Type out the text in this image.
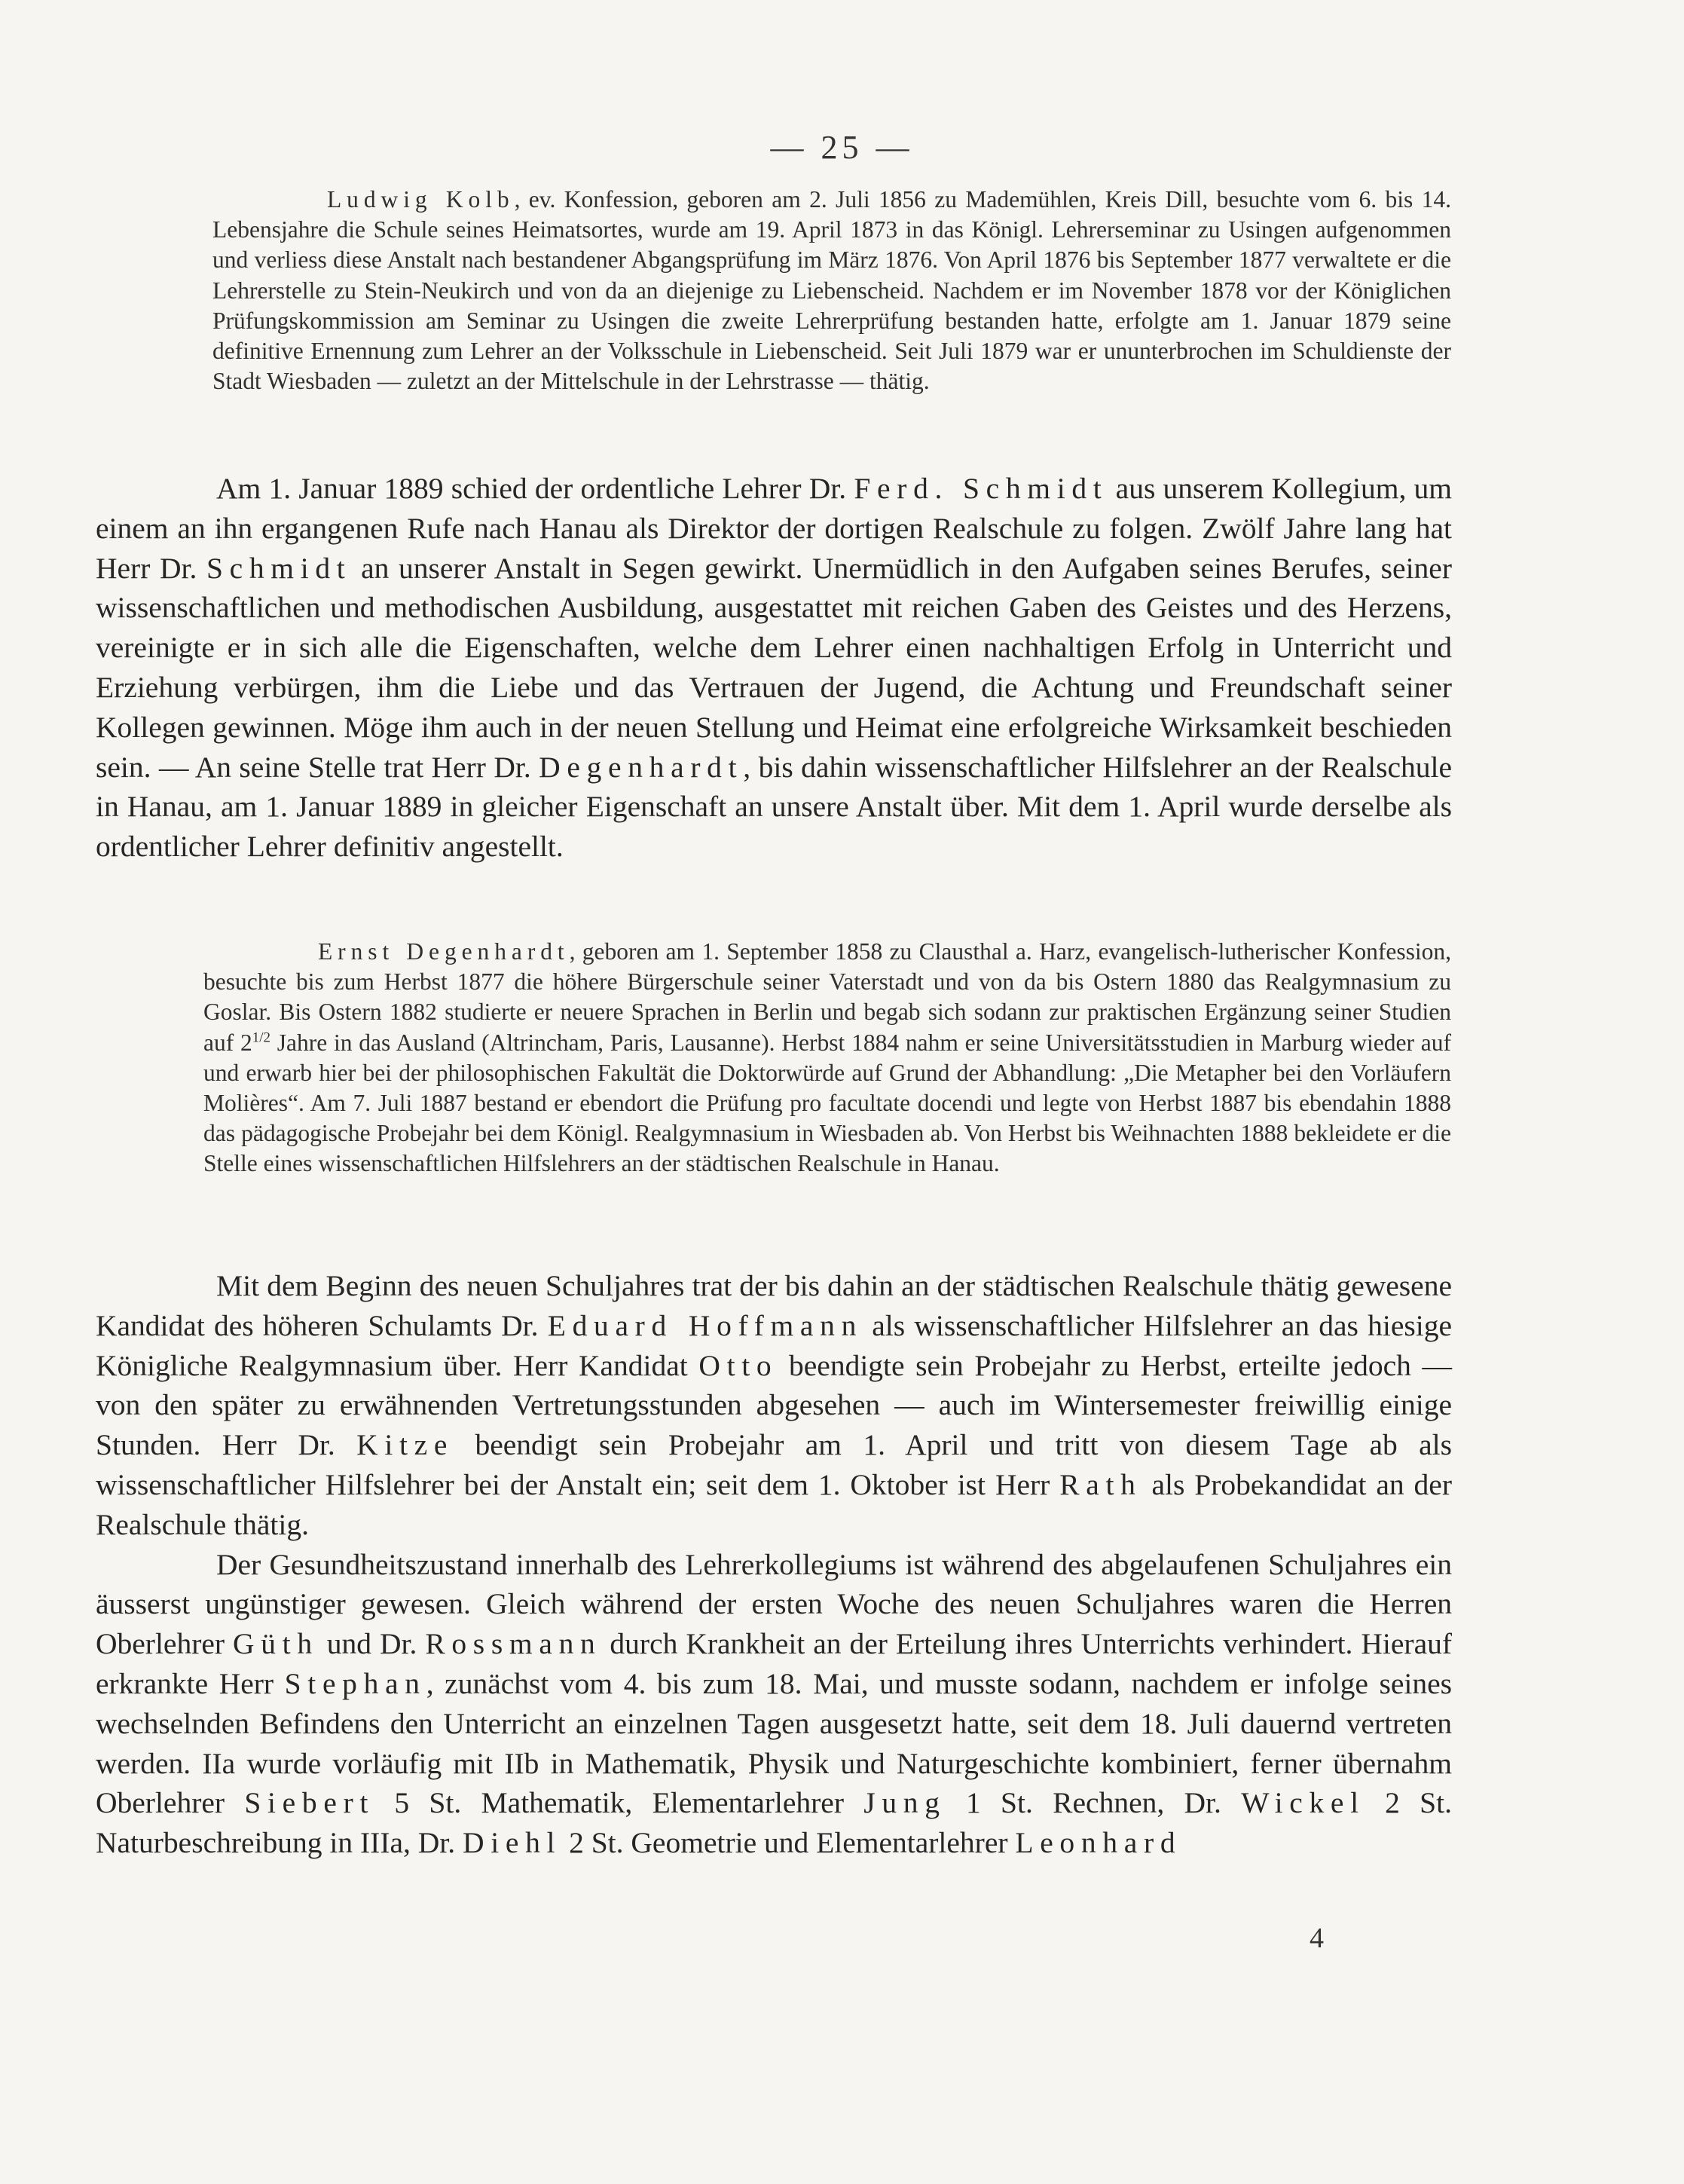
— 25 —

Ludwig Kolb, ev. Konfession, geboren am 2. Juli 1856 zu Mademühlen, Kreis Dill, besuchte vom 6. bis 14. Lebensjahre die Schule seines Heimatsortes, wurde am 19. April 1873 in das Königl. Lehrerseminar zu Usingen aufgenommen und verliess diese Anstalt nach bestandener Abgangsprüfung im März 1876. Von April 1876 bis September 1877 verwaltete er die Lehrerstelle zu Stein-Neukirch und von da an diejenige zu Liebenscheid. Nachdem er im November 1878 vor der Königlichen Prüfungskommission am Seminar zu Usingen die zweite Lehrerprüfung bestanden hatte, erfolgte am 1. Januar 1879 seine definitive Ernennung zum Lehrer an der Volksschule in Liebenscheid. Seit Juli 1879 war er ununterbrochen im Schuldienste der Stadt Wiesbaden — zuletzt an der Mittelschule in der Lehrstrasse — thätig.

Am 1. Januar 1889 schied der ordentliche Lehrer Dr. Ferd. Schmidt aus unserem Kollegium, um einem an ihn ergangenen Rufe nach Hanau als Direktor der dortigen Realschule zu folgen. Zwölf Jahre lang hat Herr Dr. Schmidt an unserer Anstalt in Segen gewirkt. Unermüdlich in den Aufgaben seines Berufes, seiner wissenschaftlichen und methodischen Ausbildung, ausgestattet mit reichen Gaben des Geistes und des Herzens, vereinigte er in sich alle die Eigenschaften, welche dem Lehrer einen nachhaltigen Erfolg in Unterricht und Erziehung verbürgen, ihm die Liebe und das Vertrauen der Jugend, die Achtung und Freundschaft seiner Kollegen gewinnen. Möge ihm auch in der neuen Stellung und Heimat eine erfolgreiche Wirksamkeit beschieden sein. — An seine Stelle trat Herr Dr. Degenhardt, bis dahin wissenschaftlicher Hilfslehrer an der Realschule in Hanau, am 1. Januar 1889 in gleicher Eigenschaft an unsere Anstalt über. Mit dem 1. April wurde derselbe als ordentlicher Lehrer definitiv angestellt.

Ernst Degenhardt, geboren am 1. September 1858 zu Clausthal a. Harz, evangelisch-lutherischer Konfession, besuchte bis zum Herbst 1877 die höhere Bürgerschule seiner Vaterstadt und von da bis Ostern 1880 das Realgymnasium zu Goslar. Bis Ostern 1882 studierte er neuere Sprachen in Berlin und begab sich sodann zur praktischen Ergänzung seiner Studien auf $2^{1/2}$ Jahre in das Ausland (Altrincham, Paris, Lausanne). Herbst 1884 nahm er seine Universitätsstudien in Marburg wieder auf und erwarb hier bei der philosophischen Fakultät die Doktorwürde auf Grund der Abhandlung: „Die Metapher bei den Vorläufern Molières“. Am 7. Juli 1887 bestand er ebendort die Prüfung pro facultate docendi und legte von Herbst 1887 bis ebendahin 1888 das pädagogische Probejahr bei dem Königl. Realgymnasium in Wiesbaden ab. Von Herbst bis Weihnachten 1888 bekleidete er die Stelle eines wissenschaftlichen Hilfslehrers an der städtischen Realschule in Hanau.

Mit dem Beginn des neuen Schuljahres trat der bis dahin an der städtischen Realschule thätig gewesene Kandidat des höheren Schulamts Dr. Eduard Hoffmann als wissenschaftlicher Hilfslehrer an das hiesige Königliche Realgymnasium über. Herr Kandidat Otto beendigte sein Probejahr zu Herbst, erteilte jedoch — von den später zu erwähnenden Vertretungsstunden abgesehen — auch im Wintersemester freiwillig einige Stunden. Herr Dr. Kitze beendigt sein Probejahr am 1. April und tritt von diesem Tage ab als wissenschaftlicher Hilfslehrer bei der Anstalt ein; seit dem 1. Oktober ist Herr Rath als Probekandidat an der Realschule thätig.

Der Gesundheitszustand innerhalb des Lehrerkollegiums ist während des abgelaufenen Schuljahres ein äusserst ungünstiger gewesen. Gleich während der ersten Woche des neuen Schuljahres waren die Herren Oberlehrer Güth und Dr. Rossmann durch Krankheit an der Erteilung ihres Unterrichts verhindert. Hierauf erkrankte Herr Stephan, zunächst vom 4. bis zum 18. Mai, und musste sodann, nachdem er infolge seines wechselnden Befindens den Unterricht an einzelnen Tagen ausgesetzt hatte, seit dem 18. Juli dauernd vertreten werden. IIa wurde vorläufig mit IIb in Mathematik, Physik und Naturgeschichte kombiniert, ferner übernahm Oberlehrer Siebert 5 St. Mathematik, Elementarlehrer Jung 1 St. Rechnen, Dr. Wickel 2 St. Naturbeschreibung in IIIa, Dr. Diehl 2 St. Geometrie und Elementarlehrer Leonhard

4
